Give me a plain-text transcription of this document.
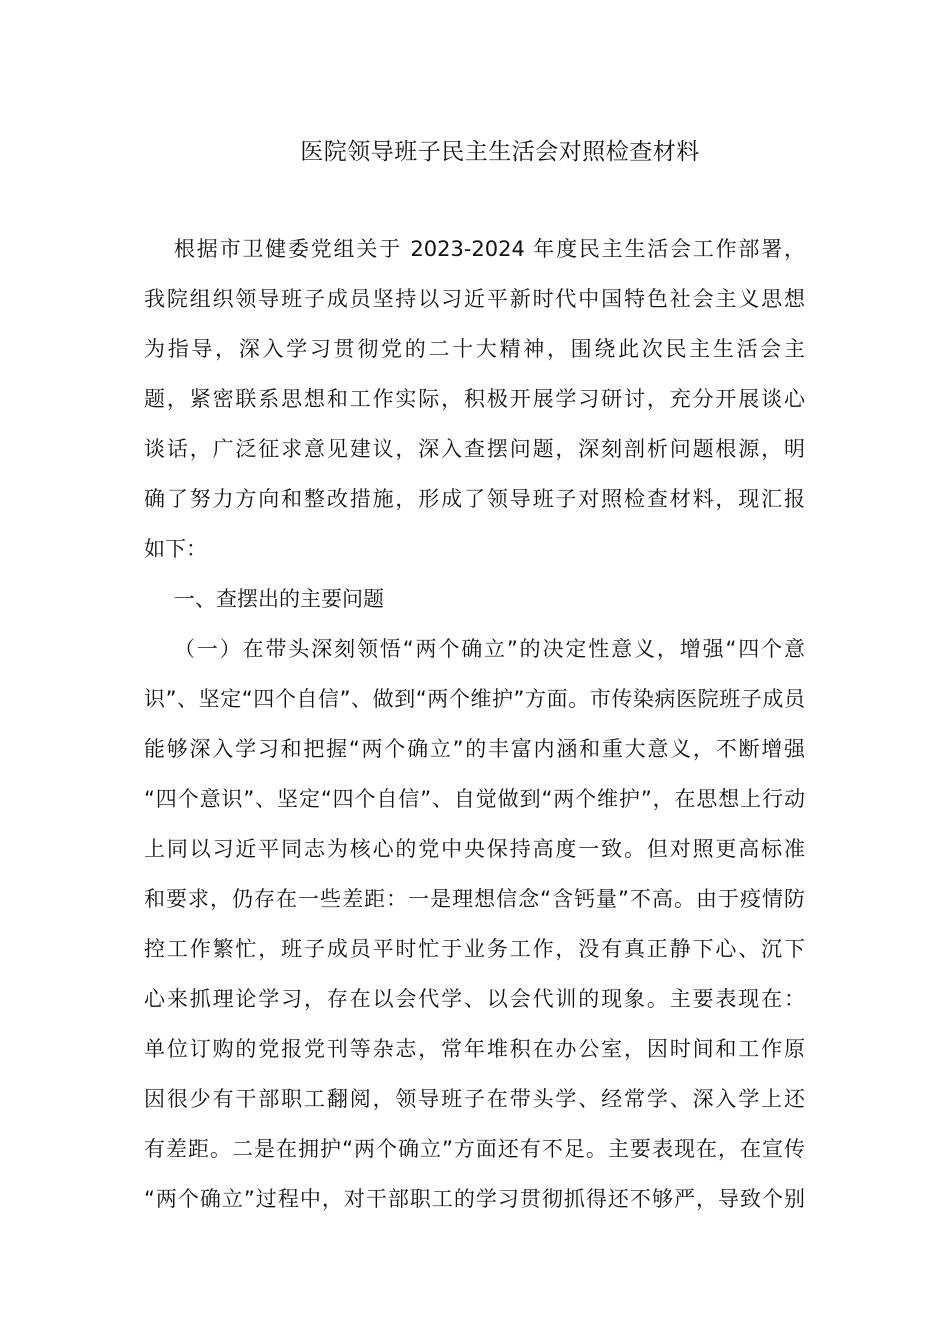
医院领导班子民主生活会对照检查材料
根据市卫健委党组关于 2023-2024 年度民主生活会工作部署，
我院组织领导班子成员坚持以习近平新时代中国特色社会主义思想
为指导，深入学习贯彻党的二十大精神，围绕此次民主生活会主
题，紧密联系思想和工作实际，积极开展学习研讨，充分开展谈心
谈话，广泛征求意见建议，深入查摆问题，深刻剖析问题根源，明
确了努力方向和整改措施，形成了领导班子对照检查材料，现汇报
如下：
一、查摆出的主要问题
（一）在带头深刻领悟“两个确立”的决定性意义，增强“四个意
识”、坚定“四个自信”、做到“两个维护”方面。市传染病医院班子成员
能够深入学习和把握“两个确立”的丰富内涵和重大意义，不断增强
“四个意识”、坚定“四个自信”、自觉做到“两个维护”，在思想上行动
上同以习近平同志为核心的党中央保持高度一致。但对照更高标准
和要求，仍存在一些差距：一是理想信念“含钙量”不高。由于疫情防
控工作繁忙，班子成员平时忙于业务工作，没有真正静下心、沉下
心来抓理论学习，存在以会代学、以会代训的现象。主要表现在：
单位订购的党报党刊等杂志，常年堆积在办公室，因时间和工作原
因很少有干部职工翻阅，领导班子在带头学、经常学、深入学上还
有差距。二是在拥护“两个确立”方面还有不足。主要表现在，在宣传
“两个确立”过程中，对干部职工的学习贯彻抓得还不够严，导致个别
